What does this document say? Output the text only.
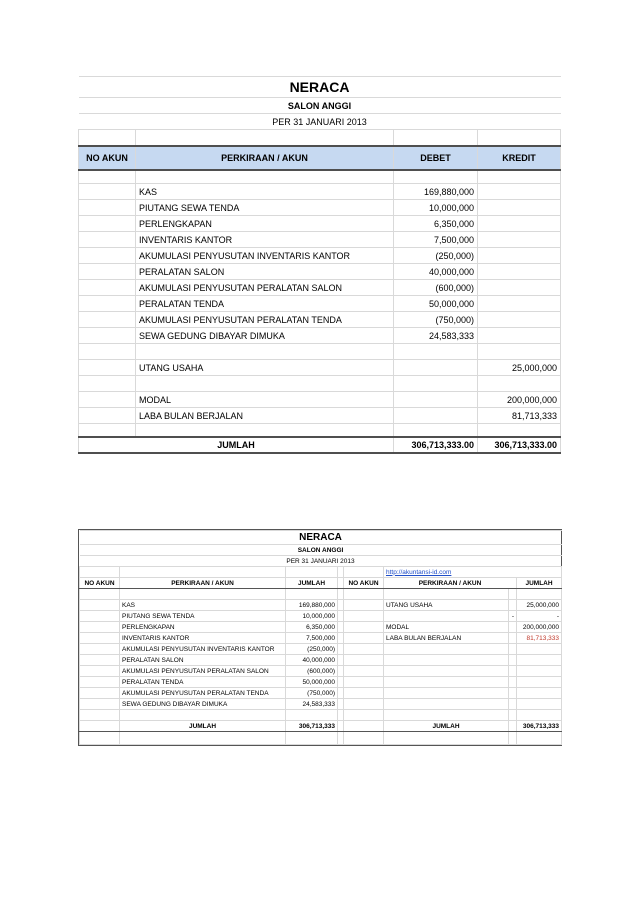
NERACA			
SALON ANGGI			
PER 31 JANUARI 2013			

NO AKUN	PERKIRAAN / AKUN	DEBET	KREDIT

	KAS	169,880,000	
	PIUTANG SEWA TENDA	10,000,000	
	PERLENGKAPAN	6,350,000	
	INVENTARIS KANTOR	7,500,000	
	AKUMULASI PENYUSUTAN INVENTARIS KANTOR	(250,000)	
	PERALATAN SALON	40,000,000	
	AKUMULASI PENYUSUTAN PERALATAN SALON	(600,000)	
	PERALATAN TENDA	50,000,000	
	AKUMULASI PENYUSUTAN PERALATAN TENDA	(750,000)	
	SEWA GEDUNG DIBAYAR DIMUKA	24,583,333	

	UTANG USAHA		25,000,000

	MODAL		200,000,000
	LABA BULAN BERJALAN		81,713,333

JUMLAH		306,713,333.00	306,713,333.00
NERACA							
SALON ANGGI							
PER 31 JANUARI 2013							
					http://akuntansi-id.com		
NO AKUN	PERKIRAAN / AKUN	JUMLAH		NO AKUN	PERKIRAAN / AKUN		JUMLAH

	KAS	169,880,000			UTANG USAHA		25,000,000
	PIUTANG SEWA TENDA	10,000,000				-	-
	PERLENGKAPAN	6,350,000			MODAL		200,000,000
	INVENTARIS KANTOR	7,500,000			LABA BULAN BERJALAN		81,713,333
	AKUMULASI PENYUSUTAN INVENTARIS KANTOR	(250,000)					
	PERALATAN SALON	40,000,000					
	AKUMULASI PENYUSUTAN PERALATAN SALON	(600,000)					
	PERALATAN TENDA	50,000,000					
	AKUMULASI PENYUSUTAN PERALATAN TENDA	(750,000)					
	SEWA GEDUNG DIBAYAR DIMUKA	24,583,333					

	JUMLAH	306,713,333			JUMLAH		306,713,333
